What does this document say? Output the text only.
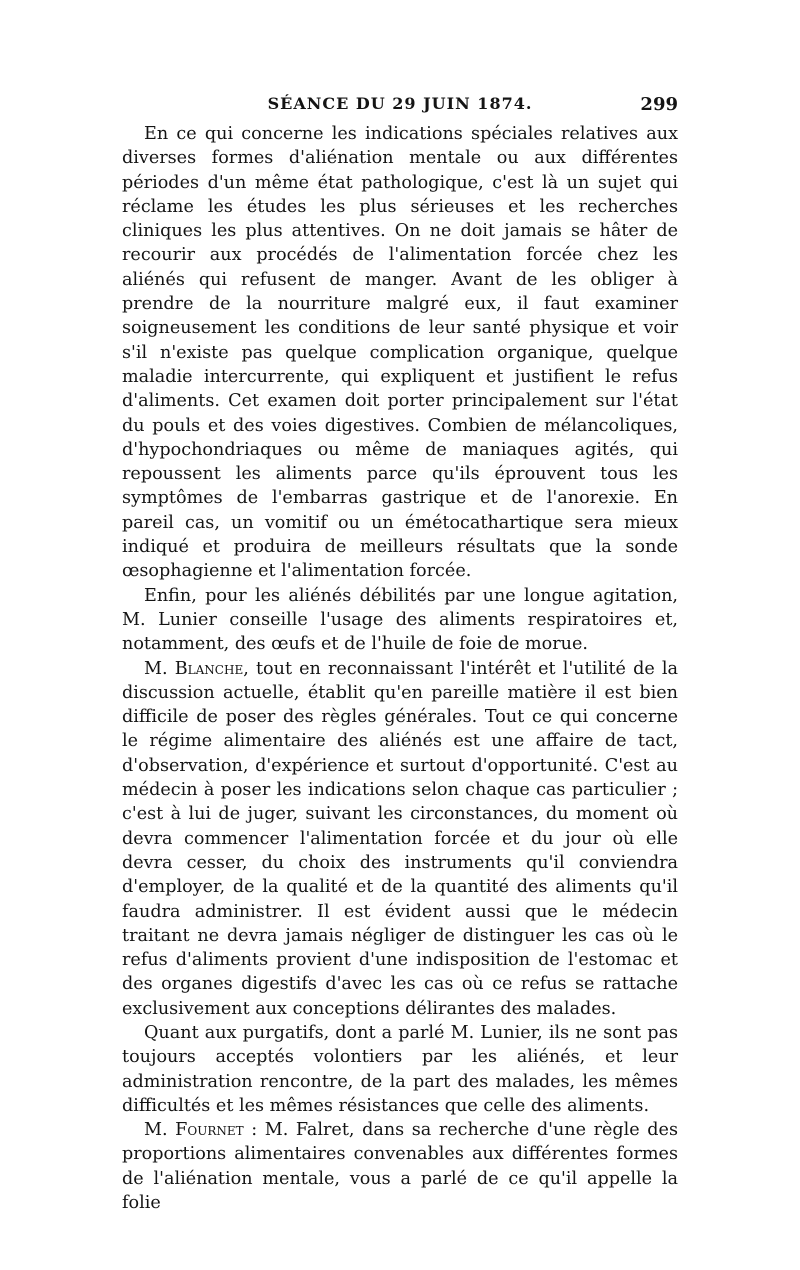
SÉANCE DU 29 JUIN 1874.	299

En ce qui concerne les indications spéciales relatives aux diverses formes d'aliénation mentale ou aux différentes périodes d'un même état pathologique, c'est là un sujet qui réclame les études les plus sérieuses et les recherches cliniques les plus attentives. On ne doit jamais se hâter de recourir aux procédés de l'alimentation forcée chez les aliénés qui refusent de manger. Avant de les obliger à prendre de la nourriture malgré eux, il faut examiner soigneusement les conditions de leur santé physique et voir s'il n'existe pas quelque complication organique, quelque maladie intercurrente, qui expliquent et justifient le refus d'aliments. Cet examen doit porter principalement sur l'état du pouls et des voies digestives. Combien de mélancoliques, d'hypochondriaques ou même de maniaques agités, qui repoussent les aliments parce qu'ils éprouvent tous les symptômes de l'embarras gastrique et de l'anorexie. En pareil cas, un vomitif ou un émétocathartique sera mieux indiqué et produira de meilleurs résultats que la sonde œsophagienne et l'alimentation forcée.

Enfin, pour les aliénés débilités par une longue agitation, M. Lunier conseille l'usage des aliments respiratoires et, notamment, des œufs et de l'huile de foie de morue.

M. Blanche, tout en reconnaissant l'intérêt et l'utilité de la discussion actuelle, établit qu'en pareille matière il est bien difficile de poser des règles générales. Tout ce qui concerne le régime alimentaire des aliénés est une affaire de tact, d'observation, d'expérience et surtout d'opportunité. C'est au médecin à poser les indications selon chaque cas particulier ; c'est à lui de juger, suivant les circonstances, du moment où devra commencer l'alimentation forcée et du jour où elle devra cesser, du choix des instruments qu'il conviendra d'employer, de la qualité et de la quantité des aliments qu'il faudra administrer. Il est évident aussi que le médecin traitant ne devra jamais négliger de distinguer les cas où le refus d'aliments provient d'une indisposition de l'estomac et des organes digestifs d'avec les cas où ce refus se rattache exclusivement aux conceptions délirantes des malades.

Quant aux purgatifs, dont a parlé M. Lunier, ils ne sont pas toujours acceptés volontiers par les aliénés, et leur administration rencontre, de la part des malades, les mêmes difficultés et les mêmes résistances que celle des aliments.

M. Fournet : M. Falret, dans sa recherche d'une règle des proportions alimentaires convenables aux différentes formes de l'aliénation mentale, vous a parlé de ce qu'il appelle la folie
